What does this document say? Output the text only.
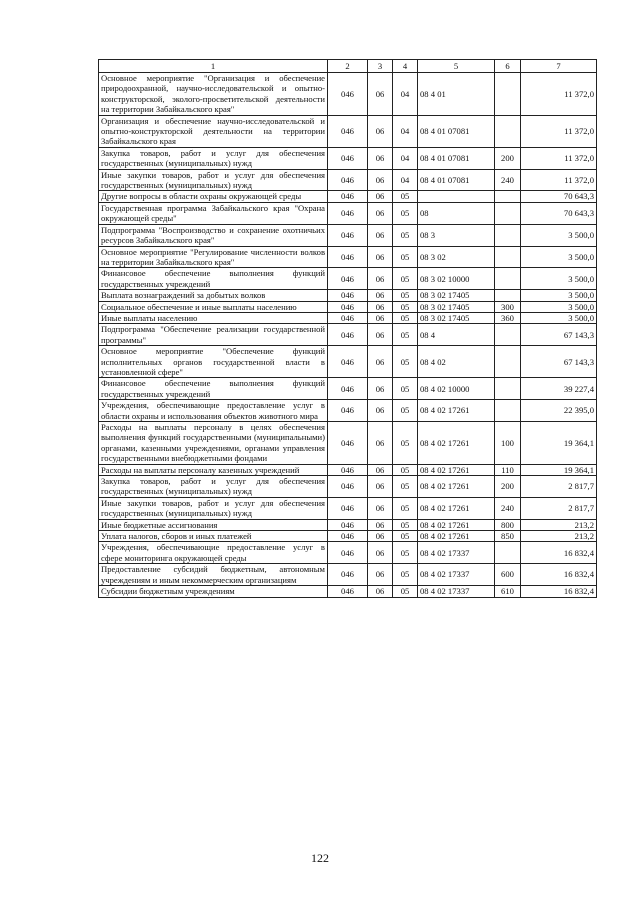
1	2	3	4	5	6	7
Основное мероприятие "Организация и обеспечение природоохранной, научно-исследовательской и опытно- конструкторской, эколого-просветительской деятельности на территории Забайкальского края"	046	06	04	08 4 01		11 372,0
Организация и обеспечение научно-исследовательской и опытно-конструкторской деятельности на территории Забайкальского края	046	06	04	08 4 01 07081		11 372,0
Закупка товаров, работ и услуг для обеспечения государственных (муниципальных) нужд	046	06	04	08 4 01 07081	200	11 372,0
Иные закупки товаров, работ и услуг для обеспечения государственных (муниципальных) нужд	046	06	04	08 4 01 07081	240	11 372,0
Другие вопросы в области охраны окружающей среды	046	06	05			70 643,3
Государственная программа Забайкальского края "Охрана окружающей среды"	046	06	05	08		70 643,3
Подпрограмма "Воспроизводство и сохранение охотничьих ресурсов Забайкальского края"	046	06	05	08 3		3 500,0
Основное мероприятие "Регулирование численности волков на территории Забайкальского края"	046	06	05	08 3 02		3 500,0
Финансовое обеспечение выполнения функций государственных учреждений	046	06	05	08 3 02 10000		3 500,0
Выплата вознаграждений за добытых волков	046	06	05	08 3 02 17405		3 500,0
Социальное обеспечение и иные выплаты населению	046	06	05	08 3 02 17405	300	3 500,0
Иные выплаты населению	046	06	05	08 3 02 17405	360	3 500,0
Подпрограмма "Обеспечение реализации государственной программы"	046	06	05	08 4		67 143,3
Основное мероприятие "Обеспечение функций исполнительных органов государственной власти в установленной сфере"	046	06	05	08 4 02		67 143,3
Финансовое обеспечение выполнения функций государственных учреждений	046	06	05	08 4 02 10000		39 227,4
Учреждения, обеспечивающие предоставление услуг в области охраны и использования объектов животного мира	046	06	05	08 4 02 17261		22 395,0
Расходы на выплаты персоналу в целях обеспечения выполнения функций государственными (муниципальными) органами, казенными учреждениями, органами управления государственными внебюджетными фондами	046	06	05	08 4 02 17261	100	19 364,1
Расходы на выплаты персоналу казенных учреждений	046	06	05	08 4 02 17261	110	19 364,1
Закупка товаров, работ и услуг для обеспечения государственных (муниципальных) нужд	046	06	05	08 4 02 17261	200	2 817,7
Иные закупки товаров, работ и услуг для обеспечения государственных (муниципальных) нужд	046	06	05	08 4 02 17261	240	2 817,7
Иные бюджетные ассигнования	046	06	05	08 4 02 17261	800	213,2
Уплата налогов, сборов и иных платежей	046	06	05	08 4 02 17261	850	213,2
Учреждения, обеспечивающие предоставление услуг в сфере мониторинга окружающей среды	046	06	05	08 4 02 17337		16 832,4
Предоставление субсидий бюджетным, автономным учреждениям и иным некоммерческим организациям	046	06	05	08 4 02 17337	600	16 832,4
Субсидии бюджетным учреждениям	046	06	05	08 4 02 17337	610	16 832,4
122
